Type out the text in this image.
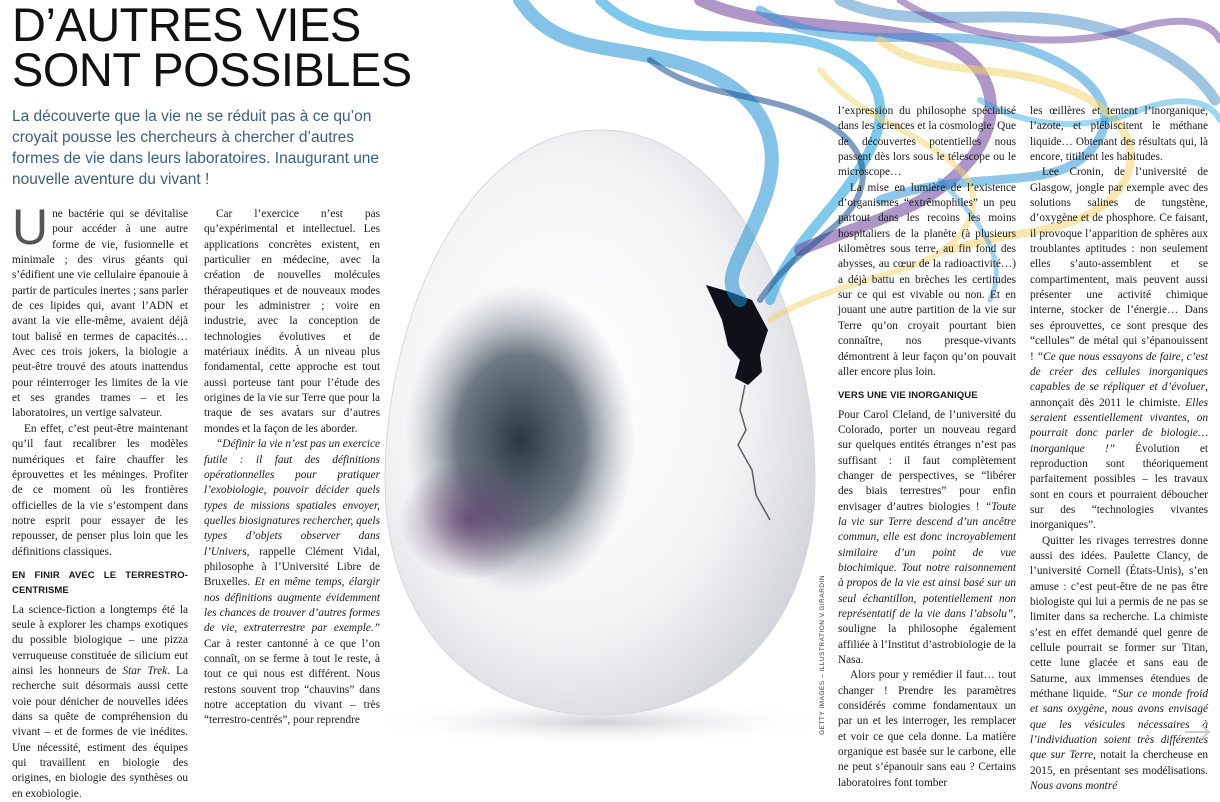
D’AUTRES VIES
SONT POSSIBLES

La découverte que la vie ne se réduit pas à ce qu’on croyait pousse les chercheurs à chercher d’autres formes de vie dans leurs laboratoires. Inaugurant une nouvelle aventure du vivant !

Une bactérie qui se dévitalise pour accéder à une autre forme de vie, fusionnelle et minimale ; des virus géants qui s’édifient une vie cellulaire épanouie à partir de particules inertes ; sans parler de ces lipides qui, avant l’ADN et avant la vie elle-même, avaient déjà tout balisé en termes de capacités… Avec ces trois jokers, la biologie a peut-être trouvé des atouts inattendus pour réinterroger les limites de la vie et ses grandes trames – et les laboratoires, un vertige salvateur.

En effet, c’est peut-être maintenant qu’il faut recalibrer les modèles numériques et faire chauffer les éprouvettes et les méninges. Profiter de ce moment où les frontières officielles de la vie s’estompent dans notre esprit pour essayer de les repousser, de penser plus loin que les définitions classiques.

EN FINIR AVEC LE TERRESTRO-CENTRISME

La science-fiction a longtemps été la seule à explorer les champs exotiques du possible biologique – une pizza verruqueuse constituée de silicium eut ainsi les honneurs de Star Trek. La recherche suit désormais aussi cette voie pour dénicher de nouvelles idées dans sa quête de compréhension du vivant – et de formes de vie inédites. Une nécessité, estiment des équipes qui travaillent en biologie des origines, en biologie des synthèses ou en exobiologie.

Car l’exercice n’est pas qu’expérimental et intellectuel. Les applications concrètes existent, en particulier en médecine, avec la création de nouvelles molécules thérapeutiques et de nouveaux modes pour les administrer ; voire en industrie, avec la conception de technologies évolutives et de matériaux inédits. À un niveau plus fondamental, cette approche est tout aussi porteuse tant pour l’étude des origines de la vie sur Terre que pour la traque de ses avatars sur d’autres mondes et la façon de les aborder.

“Définir la vie n’est pas un exercice futile : il faut des définitions opérationnelles pour pratiquer l’exobiologie, pouvoir décider quels types de missions spatiales envoyer, quelles biosignatures rechercher, quels types d’objets observer dans l’Univers, rappelle Clément Vidal, philosophe à l’Université Libre de Bruxelles. Et en même temps, élargir nos définitions augmente évidemment les chances de trouver d’autres formes de vie, extraterrestre par exemple.” Car à rester cantonné à ce que l’on connaît, on se ferme à tout le reste, à tout ce qui nous est différent. Nous restons souvent trop “chauvins” dans notre acceptation du vivant – très “terrestro-centrés”, pour reprendre

l’expression du philosophe spécialisé dans les sciences et la cosmologie. Que de découvertes potentielles nous passent dès lors sous le télescope ou le microscope…

La mise en lumière de l’existence d’organismes “extrêmophiles” un peu partout dans les recoins les moins hospitaliers de la planète (à plusieurs kilomètres sous terre, au fin fond des abysses, au cœur de la radioactivité…) a déjà battu en brèches les certitudes sur ce qui est vivable ou non. Et en jouant une autre partition de la vie sur Terre qu’on croyait pourtant bien connaître, nos presque-vivants démontrent à leur façon qu’on pouvait aller encore plus loin.

VERS UNE VIE INORGANIQUE

Pour Carol Cleland, de l’université du Colorado, porter un nouveau regard sur quelques entités étranges n’est pas suffisant : il faut complètement changer de perspectives, se “libérer des biais terrestres” pour enfin envisager d’autres biologies ! “Toute la vie sur Terre descend d’un ancêtre commun, elle est donc incroyablement similaire d’un point de vue biochimique. Tout notre raisonnement à propos de la vie est ainsi basé sur un seul échantillon, potentiellement non représentatif de la vie dans l’absolu”, souligne la philosophe également affiliée à l’Institut d’astrobiologie de la Nasa.

Alors pour y remédier il faut… tout changer ! Prendre les paramètres considérés comme fondamentaux un par un et les interroger, les remplacer et voir ce que cela donne. La matière organique est basée sur le carbone, elle ne peut s’épanouir sans eau ? Certains laboratoires font tomber

les œillères et tentent l’inorganique, l’azote, et plébiscitent le méthane liquide… Obtenant des résultats qui, là encore, titillent les habitudes.

Lee Cronin, de l’université de Glasgow, jongle par exemple avec des solutions salines de tungstène, d’oxygène et de phosphore. Ce faisant, il provoque l’apparition de sphères aux troublantes aptitudes : non seulement elles s’auto-assemblent et se compartimentent, mais peuvent aussi présenter une activité chimique interne, stocker de l’énergie… Dans ses éprouvettes, ce sont presque des “cellules” de métal qui s’épanouissent ! “Ce que nous essayons de faire, c’est de créer des cellules inorganiques capables de se répliquer et d’évoluer, annonçait dès 2011 le chimiste. Elles seraient essentiellement vivantes, on pourrait donc parler de biologie… inorganique !” Évolution et reproduction sont théoriquement parfaitement possibles – les travaux sont en cours et pourraient déboucher sur des “technologies vivantes inorganiques”.

Quitter les rivages terrestres donne aussi des idées. Paulette Clancy, de l’université Cornell (États-Unis), s’en amuse : c’est peut-être de ne pas être biologiste qui lui a permis de ne pas se limiter dans sa recherche. La chimiste s’est en effet demandé quel genre de cellule pourrait se former sur Titan, cette lune glacée et sans eau de Saturne, aux immenses étendues de méthane liquide. “Sur ce monde froid et sans oxygène, nous avons envisagé que les vésicules nécessaires à l’individuation soient très différentes que sur Terre, notait la chercheuse en 2015, en présentant ses modélisations. Nous avons montré

GETTY IMAGES – ILLUSTRATION V.GIRARDIN
